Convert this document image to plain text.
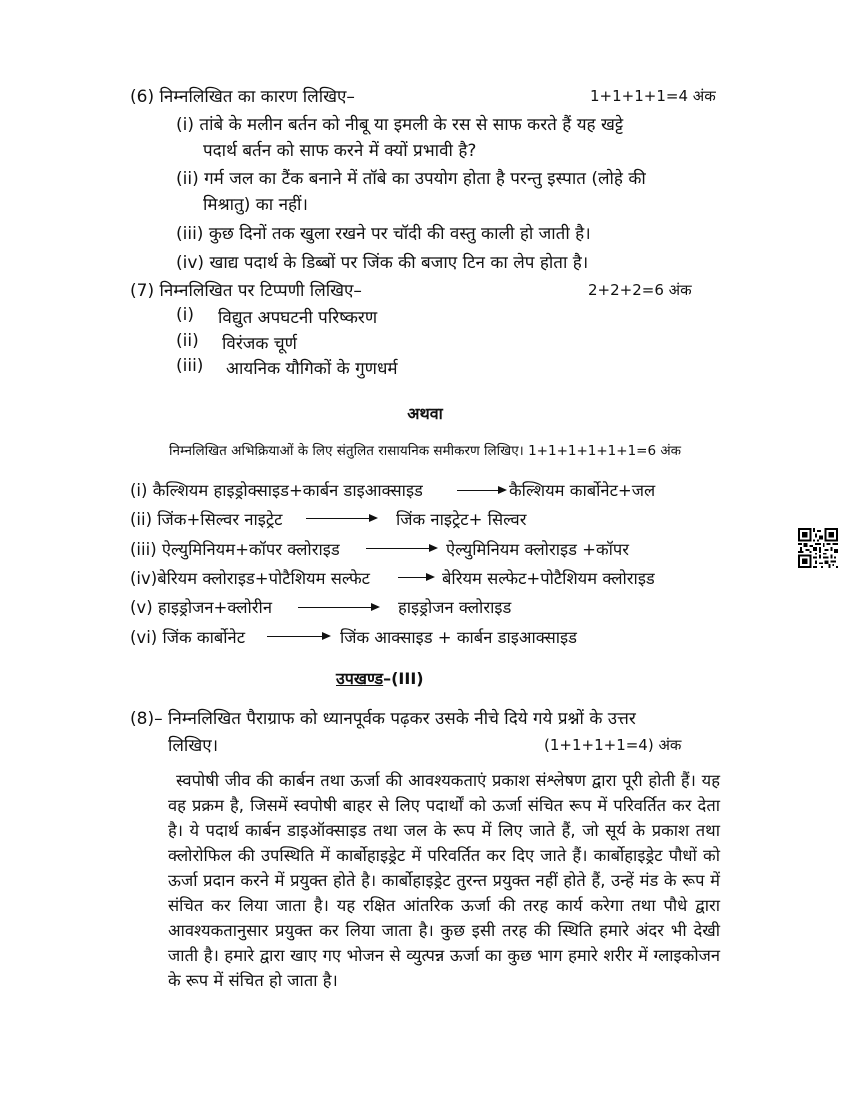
(6) निम्नलिखित का कारण लिखिए–	1+1+1+1=4 अंक
(i) तांबे के मलीन बर्तन को नीबू या इमली के रस से साफ करते हैं यह खट्टे
पदार्थ बर्तन को साफ करने में क्यों प्रभावी है?
(ii) गर्म जल का टैंक बनाने में तॉबे का उपयोग होता है परन्तु इस्पात (लोहे की
मिश्रातु) का नहीं।
(iii) कुछ दिनों तक खुला रखने पर चॉदी की वस्तु काली हो जाती है।
(iv) खाद्य पदार्थ के डिब्बों पर जिंक की बजाए टिन का लेप होता है।
(7) निम्नलिखित पर टिप्पणी लिखिए–	2+2+2=6 अंक
(i) विद्युत अपघटनी परिष्करण
(ii) विरंजक चूर्ण
(iii) आयनिक यौगिकों के गुणधर्म
अथवा
निम्नलिखित अभिक्रियाओं के लिए संतुलित रासायनिक समीकरण लिखिए। 1+1+1+1+1+1=6 अंक
(i) कैल्शियम हाइड्रोक्साइड+कार्बन डाइआक्साइड → कैल्शियम कार्बोनेट+जल
(ii) जिंक+सिल्वर नाइट्रेट	जिंक नाइट्रेट+ सिल्वर
(iii) ऐल्युमिनियम+कॉपर क्लोराइड	ऐल्युमिनियम क्लोराइड +कॉपर
(iv)बेरियम क्लोराइड+पोटैशियम सल्फेट → बेरियम सल्फेट+पोटैशियम क्लोराइड
(v) हाइड्रोजन+क्लोरीन	हाइड्रोजन क्लोराइड
(vi) जिंक कार्बोनेट → जिंक आक्साइड + कार्बन डाइआक्साइड
उपखण्ड–(III)
(8)– निम्नलिखित पैराग्राफ को ध्यानपूर्वक पढ़कर उसके नीचे दिये गये प्रश्नों के उत्तर
लिखिए।	(1+1+1+1=4) अंक
स्वपोषी जीव की कार्बन तथा ऊर्जा की आवश्यकताएं प्रकाश संश्लेषण द्वारा पूरी होती हैं। यह वह प्रक्रम है, जिसमें स्वपोषी बाहर से लिए पदार्थों को ऊर्जा संचित रूप में परिवर्तित कर देता है। ये पदार्थ कार्बन डाइऑक्साइड तथा जल के रूप में लिए जाते हैं, जो सूर्य के प्रकाश तथा क्लोरोफिल की उपस्थिति में कार्बोहाइड्रेट में परिवर्तित कर दिए जाते हैं। कार्बोहाइड्रेट पौधों को ऊर्जा प्रदान करने में प्रयुक्त होते है। कार्बोहाइड्रेट तुरन्त प्रयुक्त नहीं होते हैं, उन्हें मंड के रूप में संचित कर लिया जाता है। यह रक्षित आंतरिक ऊर्जा की तरह कार्य करेगा तथा पौधे द्वारा आवश्यकतानुसार प्रयुक्त कर लिया जाता है। कुछ इसी तरह की स्थिति हमारे अंदर भी देखी जाती है। हमारे द्वारा खाए गए भोजन से व्युत्पन्न ऊर्जा का कुछ भाग हमारे शरीर में ग्लाइकोजन के रूप में संचित हो जाता है।
